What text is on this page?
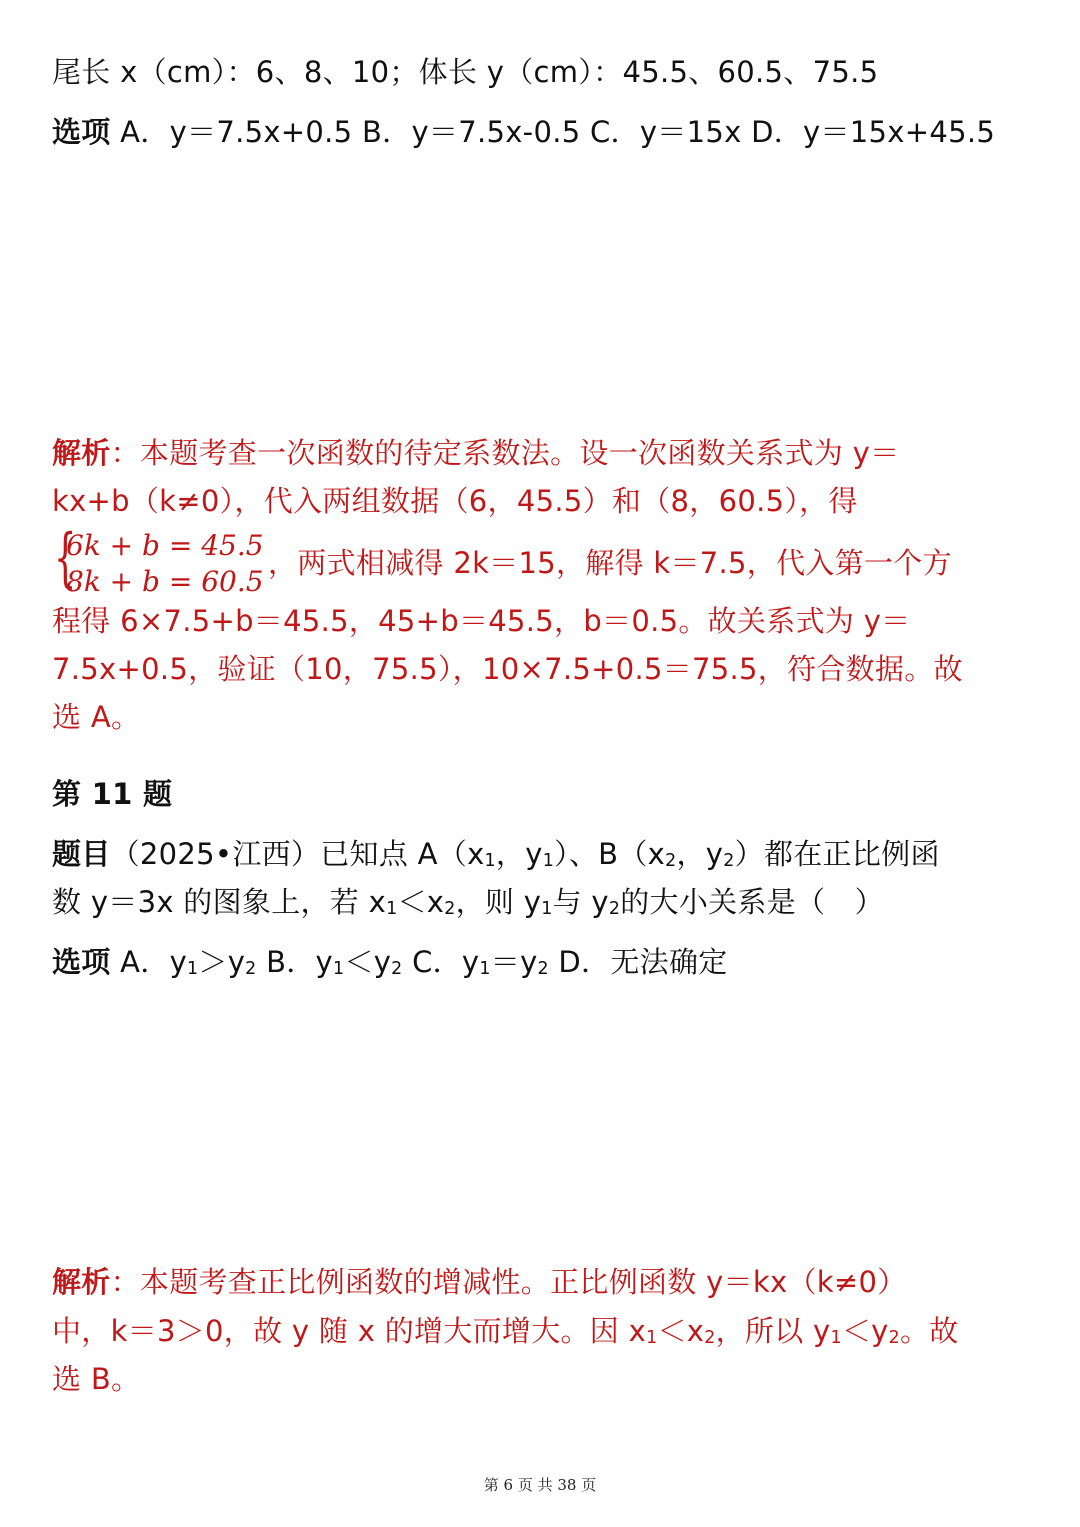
尾长 x（cm）：6、8、10；体长 y（cm）：45.5、60.5、75.5
选项 A．y＝7.5x+0.5 B．y＝7.5x-0.5 C．y＝15x D．y＝15x+45.5
解析：本题考查一次函数的待定系数法。设一次函数关系式为 y＝
kx+b（k≠0），代入两组数据（6，45.5）和（8，60.5），得
{
6k + b = 45.5
8k + b = 60.5
，两式相减得 2k＝15，解得 k＝7.5，代入第一个方
程得 6×7.5+b＝45.5，45+b＝45.5，b＝0.5。故关系式为 y＝
7.5x+0.5，验证（10，75.5），10×7.5+0.5＝75.5，符合数据。故
选 A。
第 11 题
题目（2025•江西）已知点 $A(x_1$，$y_1$）、$B(x_2$，$y_2$）都在正比例函
数 y＝3x 的图象上，若 $x_1<x_2$，则 $y_1$与 $y_2$的大小关系是（　）
选项 A．$y_1>y_2$ B．$y_1<y_2$ C．$y_1=y_2$ D．无法确定
解析：本题考查正比例函数的增减性。正比例函数 y＝kx（k≠0）
中，k＝3＞0，故 y 随 x 的增大而增大。因 $x_1<x_2$，所以 $y_1<y_2$。故
选 B。
第 6 页 共 38 页
